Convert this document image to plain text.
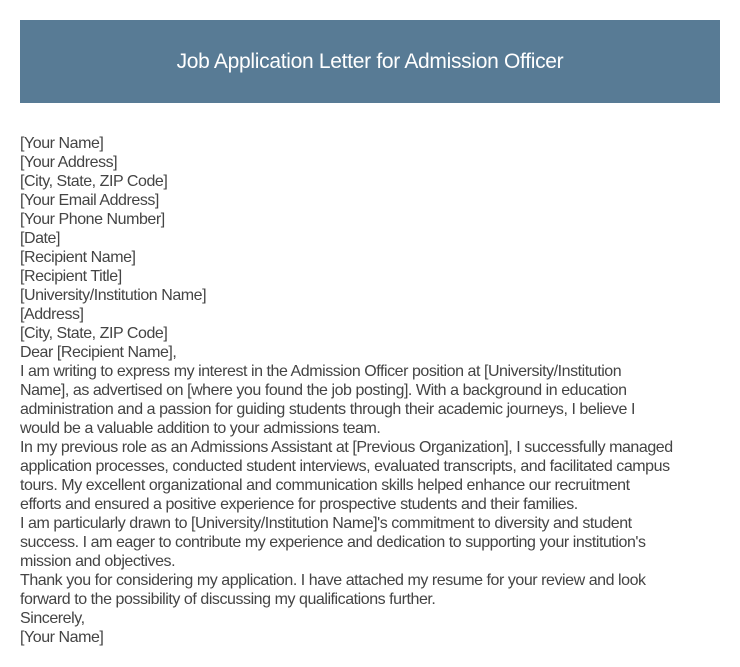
Job Application Letter for Admission Officer
[Your Name]
[Your Address]
[City, State, ZIP Code]
[Your Email Address]
[Your Phone Number]
[Date]
[Recipient Name]
[Recipient Title]
[University/Institution Name]
[Address]
[City, State, ZIP Code]
Dear [Recipient Name],
I am writing to express my interest in the Admission Officer position at [University/Institution
Name], as advertised on [where you found the job posting]. With a background in education
administration and a passion for guiding students through their academic journeys, I believe I
would be a valuable addition to your admissions team.
In my previous role as an Admissions Assistant at [Previous Organization], I successfully managed
application processes, conducted student interviews, evaluated transcripts, and facilitated campus
tours. My excellent organizational and communication skills helped enhance our recruitment
efforts and ensured a positive experience for prospective students and their families.
I am particularly drawn to [University/Institution Name]'s commitment to diversity and student
success. I am eager to contribute my experience and dedication to supporting your institution's
mission and objectives.
Thank you for considering my application. I have attached my resume for your review and look
forward to the possibility of discussing my qualifications further.
Sincerely,
[Your Name]
